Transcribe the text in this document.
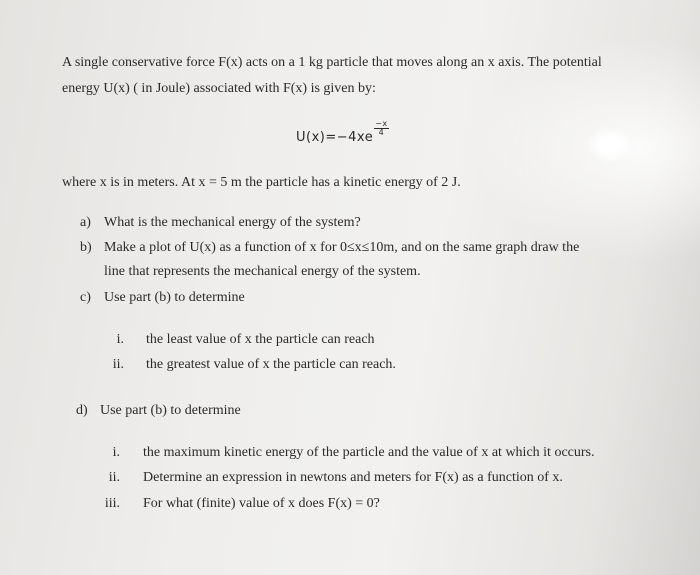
A single conservative force F(x) acts on a 1 kg particle that moves along an x axis. The potential
energy U(x) ( in Joule) associated with F(x) is given by:
U(x)=−4xe
$\frac{-x}{4}$
where x is in meters. At x = 5 m the particle has a kinetic energy of 2 J.
a) What is the mechanical energy of the system?
b) Make a plot of U(x) as a function of x for 0≤x≤10m, and on the same graph draw the
line that represents the mechanical energy of the system.
c) Use part (b) to determine
i. the least value of x the particle can reach
ii. the greatest value of x the particle can reach.
d) Use part (b) to determine
i. the maximum kinetic energy of the particle and the value of x at which it occurs.
ii. Determine an expression in newtons and meters for F(x) as a function of x.
iii. For what (finite) value of x does F(x) = 0?
